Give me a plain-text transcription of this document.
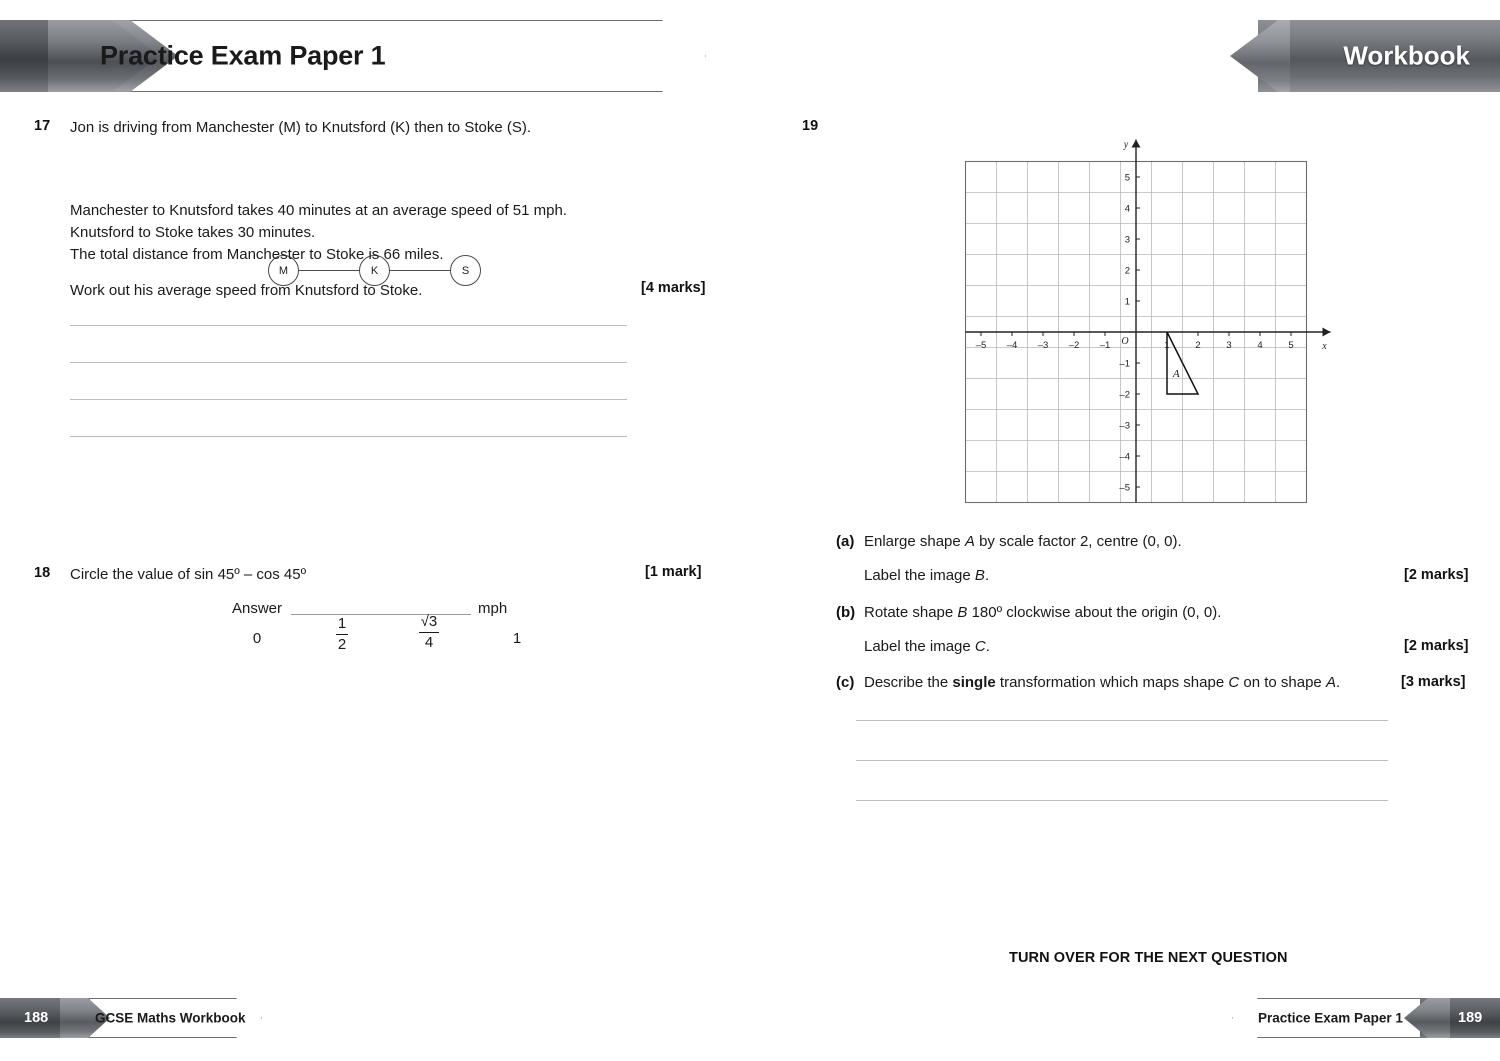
Practice Exam Paper 1	Workbook
17 Jon is driving from Manchester (M) to Knutsford (K) then to Stoke (S).
M	K	S
Manchester to Knutsford takes 40 minutes at an average speed of 51 mph.
Knutsford to Stoke takes 30 minutes.
The total distance from Manchester to Stoke is 66 miles.
Work out his average speed from Knutsford to Stoke.	[4 marks]
Answer	mph
18 Circle the value of sin 45º – cos 45º	[1 mark]
0	$\frac{1}{2}$	$\frac{√3}{4}$	1
19
(a) Enlarge shape A by scale factor 2, centre (0, 0).
Label the image B.	[2 marks]
(b) Rotate shape B 180º clockwise about the origin (0, 0).
Label the image C.	[2 marks]
(c) Describe the single transformation which maps shape C on to shape A.	[3 marks]
TURN OVER FOR THE NEXT QUESTION
x
y
O
–5 –4 –3 –2 –1	1	2	3	4	5
–5
–4
–3
–2
–1
1
2
3
4
5
A
188	GCSE Maths Workbook	Practice Exam Paper 1	189
